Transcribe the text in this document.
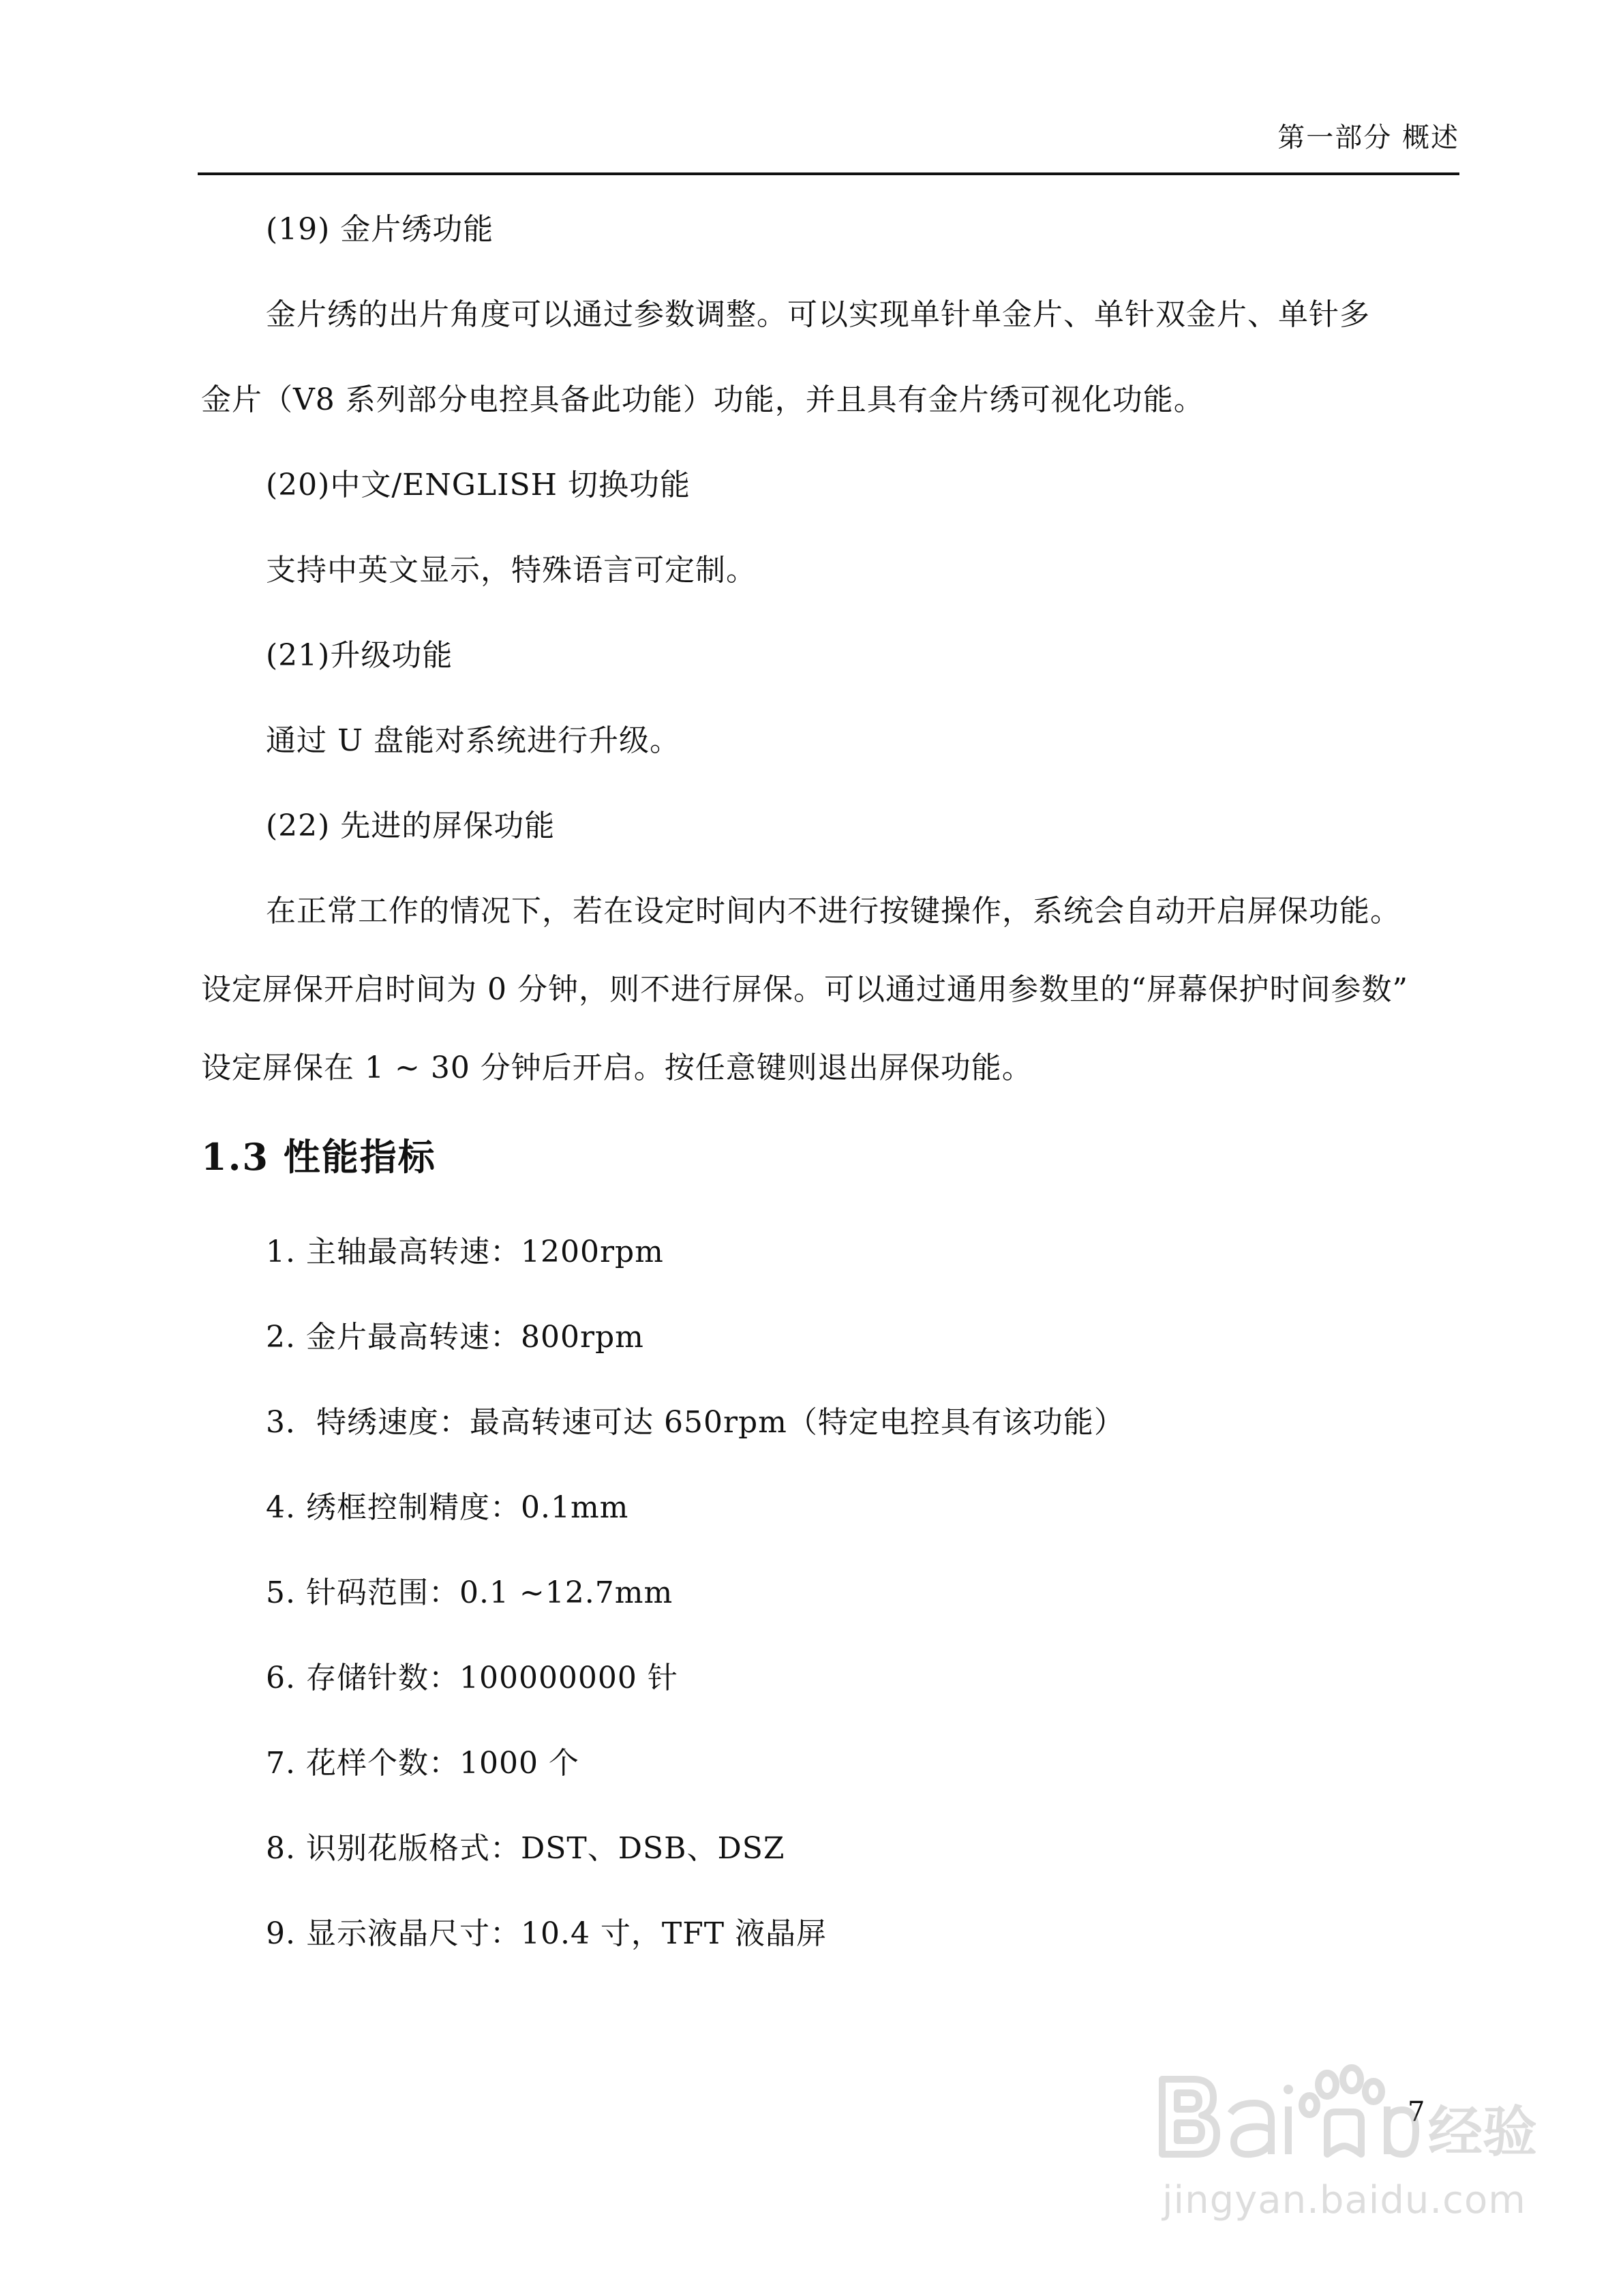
第一部分 概述
(19) 金片绣功能
金片绣的出片角度可以通过参数调整。可以实现单针单金片、单针双金片、单针多
金片（V8 系列部分电控具备此功能）功能，并且具有金片绣可视化功能。
(20)中文/ENGLISH 切换功能
支持中英文显示，特殊语言可定制。
(21)升级功能
通过 U 盘能对系统进行升级。
(22) 先进的屏保功能
在正常工作的情况下，若在设定时间内不进行按键操作，系统会自动开启屏保功能。
设定屏保开启时间为 0 分钟，则不进行屏保。可以通过通用参数里的“屏幕保护时间参数”
设定屏保在 1 ~ 30 分钟后开启。按任意键则退出屏保功能。
1.3 性能指标
1. 主轴最高转速：1200rpm
2. 金片最高转速：800rpm
3．特绣速度：最高转速可达 650rpm（特定电控具有该功能）
4. 绣框控制精度：0.1mm
5. 针码范围：0.1 ~12.7mm
6. 存储针数：100000000 针
7. 花样个数：1000 个
8. 识别花版格式：DST、DSB、DSZ
9. 显示液晶尺寸：10.4 寸，TFT 液晶屏
7 经验
jingyan.baidu.com
